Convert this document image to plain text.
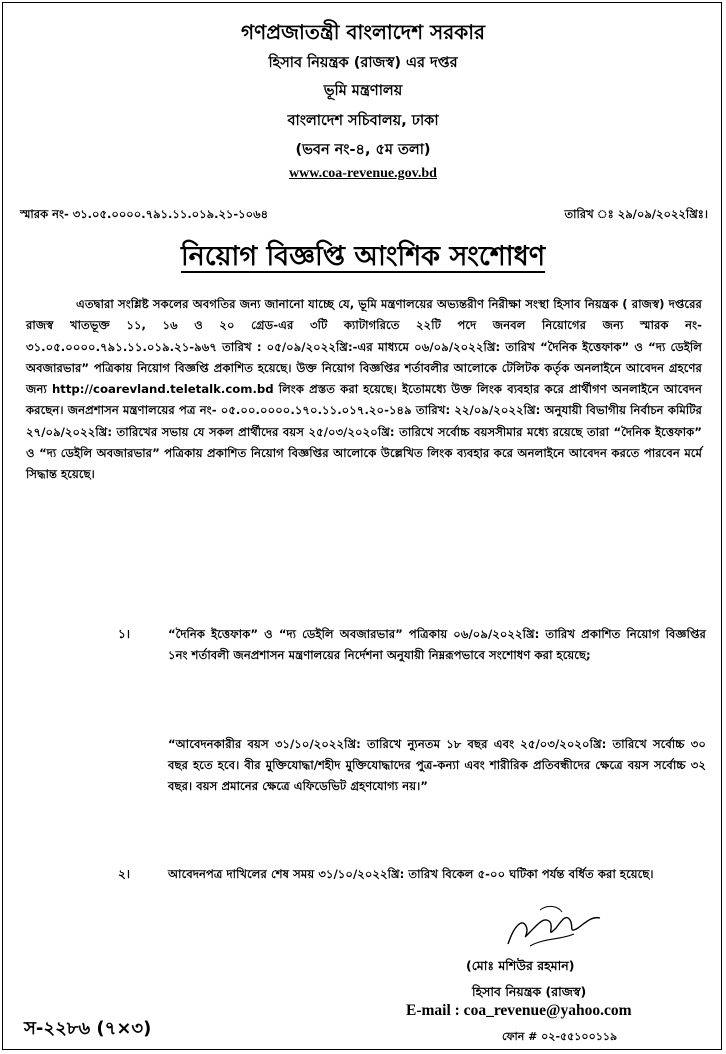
গণপ্রজাতন্ত্রী বাংলাদেশ সরকার
হিসাব নিয়ন্ত্রক (রাজস্ব) এর দপ্তর
ভূমি মন্ত্রণালয়
বাংলাদেশ সচিবালয়, ঢাকা
(ভবন নং-৪, ৫ম তলা)
www.coa-revenue.gov.bd
স্মারক নং- ৩১.০৫.০০০০.৭৯১.১১.০১৯.২১-১০৬৪	তারিখ ঃ ২৯/০৯/২০২২খ্রিঃ।
নিয়োগ বিজ্ঞপ্তি আংশিক সংশোধণ

এতদ্বারা সংশ্লিষ্ট সকলের অবগতির জন্য জানানো যাচ্ছে যে, ভূমি মন্ত্রণালয়ের অভ্যন্তরীণ নিরীক্ষা সংস্থা হিসাব নিয়ন্ত্রক ( রাজস্ব) দপ্তরের রাজস্ব খাতভূক্ত ১১, ১৬ ও ২০ গ্রেড-এর ৩টি ক্যাটাগরিতে ২২টি পদে জনবল নিয়োগের জন্য স্মারক নং- ৩১.০৫.০০০০.৭৯১.১১.০১৯.২১-৯৬৭ তারিখ : ০৫/০৯/২০২২খ্রি:-এর মাধ্যমে ০৬/০৯/২০২২খ্রি: তারিখ “দৈনিক ইত্তেফাক” ও “দ্য ডেইলি অবজারভার” পত্রিকায় নিয়োগ বিজ্ঞপ্তি প্রকাশিত হয়েছে। উক্ত নিয়োগ বিজ্ঞপ্তির শর্তাবলীর আলোকে টেলিটক কর্তৃক অনলাইনে আবেদন গ্রহণের জন্য http://coarevland.teletalk.com.bd লিংক প্রস্তত করা হয়েছে। ইতোমধ্যে উক্ত লিংক ব্যবহার করে প্রার্থীগণ অনলাইনে আবেদন করছেন। জনপ্রশাসন মন্ত্রণালয়ের পত্র নং- ০৫.০০.০০০০.১৭০.১১.০১৭.২০-১৪৯ তারিখ: ২২/০৯/২০২২খ্রি: অনুযায়ী বিভাগীয় নির্বাচন কমিটির ২৭/০৯/২০২২খ্রি: তারিখের সভায় যে সকল প্রার্থীদের বয়স ২৫/০৩/২০২০খ্রি: তারিখে সর্বোচ্চ বয়সসীমার মধ্যে রয়েছে তারা “দৈনিক ইত্তেফাক” ও “দ্য ডেইলি অবজারভার” পত্রিকায় প্রকাশিত নিয়োগ বিজ্ঞপ্তির আলোকে উল্লেখিত লিংক ব্যবহার করে অনলাইনে আবেদন করতে পারবেন মর্মে সিদ্ধান্ত হয়েছে।

১।	“দৈনিক ইত্তেফাক” ও “দ্য ডেইলি অবজারভার” পত্রিকায় ০৬/০৯/২০২২খ্রি: তারিখ প্রকাশিত নিয়োগ বিজ্ঞপ্তির ১নং শর্তাবলী জনপ্রশাসন মন্ত্রণালয়ের নির্দেশনা অনুযায়ী নিম্নরূপভাবে সংশোধণ করা হয়েছে;

“আবেদনকারীর বয়স ৩১/১০/২০২২খ্রি: তারিখে ন্যুনতম ১৮ বছর এবং ২৫/০৩/২০২০খ্রি: তারিখে সর্বোচ্চ ৩০ বছর হতে হবে। বীর মুক্তিযোদ্ধা/শহীদ মুক্তিযোদ্ধাদের পুত্র-কন্যা এবং শারীরিক প্রতিবন্ধীদের ক্ষেত্রে বয়স সর্বোচ্চ ৩২ বছর। বয়স প্রমানের ক্ষেত্রে এফিডেভিট গ্রহণযোগ্য নয়।”

২।	আবেদনপত্র দাখিলের শেষ সময় ৩১/১০/২০২২খ্রি: তারিখ বিকেল ৫-০০ ঘটিকা পর্যন্ত বর্ধিত করা হয়েছে।

(মোঃ মশিউর রহমান)
হিসাব নিয়ন্ত্রক (রাজস্ব)
E-mail : coa_revenue@yahoo.com
ফোন # ০২-৫৫১০০১১৯
স-২২৮৬ (৭×৩)
